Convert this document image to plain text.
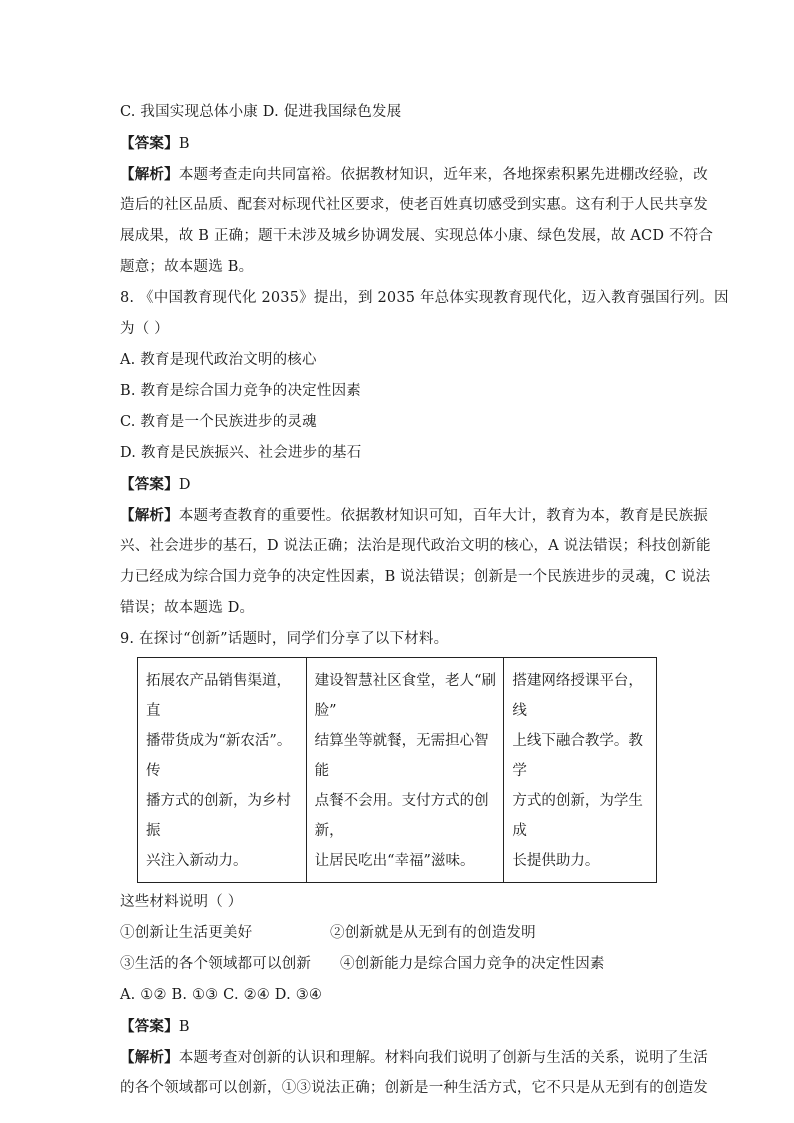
C. 我国实现总体小康 D. 促进我国绿色发展
【答案】B
【解析】本题考查走向共同富裕。依据教材知识，近年来，各地探索积累先进棚改经验，改
造后的社区品质、配套对标现代社区要求，使老百姓真切感受到实惠。这有利于人民共享发
展成果，故 B 正确；题干未涉及城乡协调发展、实现总体小康、绿色发展，故 ACD 不符合
题意；故本题选 B。
8. 《中国教育现代化 2035》提出，到 2035 年总体实现教育现代化，迈入教育强国行列。因
为（ ）
A. 教育是现代政治文明的核心
B. 教育是综合国力竞争的决定性因素
C. 教育是一个民族进步的灵魂
D. 教育是民族振兴、社会进步的基石
【答案】D
【解析】本题考查教育的重要性。依据教材知识可知，百年大计，教育为本，教育是民族振
兴、社会进步的基石，D 说法正确；法治是现代政治文明的核心，A 说法错误；科技创新能
力已经成为综合国力竞争的决定性因素，B 说法错误；创新是一个民族进步的灵魂，C 说法
错误；故本题选 D。
9. 在探讨“创新”话题时，同学们分享了以下材料。
拓展农产品销售渠道，直
播带货成为“新农活”。传
播方式的创新，为乡村振
兴注入新动力。

建设智慧社区食堂，老人“刷脸”
结算坐等就餐，无需担心智能
点餐不会用。支付方式的创新，
让居民吃出“幸福”滋味。

搭建网络授课平台，线
上线下融合教学。教学
方式的创新，为学生成
长提供助力。
这些材料说明（ ）
①创新让生活更美好	②创新就是从无到有的创造发明
③生活的各个领域都可以创新	④创新能力是综合国力竞争的决定性因素
A. ①② B. ①③ C. ②④ D. ③④
【答案】B
【解析】本题考查对创新的认识和理解。材料向我们说明了创新与生活的关系，说明了生活
的各个领域都可以创新，①③说法正确；创新是一种生活方式，它不只是从无到有的创造发
